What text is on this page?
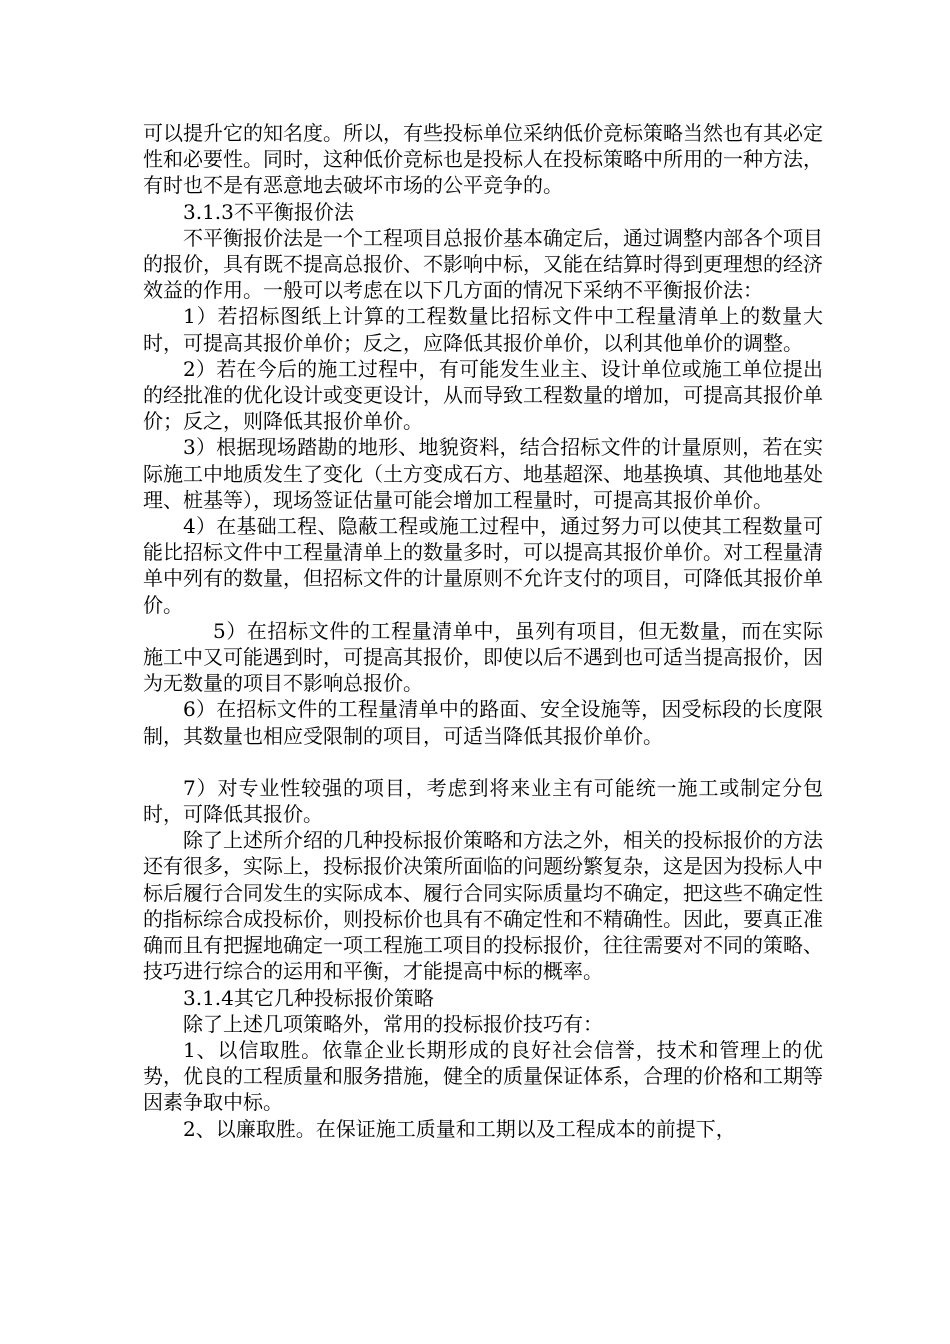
可以提升它的知名度。所以，有些投标单位采纳低价竞标策略当然也有其必定性和必要性。同时，这种低价竞标也是投标人在投标策略中所用的一种方法，有时也不是有恶意地去破坏市场的公平竞争的。

3.1.3不平衡报价法

不平衡报价法是一个工程项目总报价基本确定后，通过调整内部各个项目的报价，具有既不提高总报价、不影响中标，又能在结算时得到更理想的经济效益的作用。一般可以考虑在以下几方面的情况下采纳不平衡报价法：

1）若招标图纸上计算的工程数量比招标文件中工程量清单上的数量大时，可提高其报价单价；反之，应降低其报价单价，以利其他单价的调整。

2）若在今后的施工过程中，有可能发生业主、设计单位或施工单位提出的经批准的优化设计或变更设计，从而导致工程数量的增加，可提高其报价单价；反之，则降低其报价单价。

3）根据现场踏勘的地形、地貌资料，结合招标文件的计量原则，若在实际施工中地质发生了变化（土方变成石方、地基超深、地基换填、其他地基处理、桩基等），现场签证估量可能会增加工程量时，可提高其报价单价。

4）在基础工程、隐蔽工程或施工过程中，通过努力可以使其工程数量可能比招标文件中工程量清单上的数量多时，可以提高其报价单价。对工程量清单中列有的数量，但招标文件的计量原则不允许支付的项目，可降低其报价单价。

5）在招标文件的工程量清单中，虽列有项目，但无数量，而在实际施工中又可能遇到时，可提高其报价，即使以后不遇到也可适当提高报价，因为无数量的项目不影响总报价。

6）在招标文件的工程量清单中的路面、安全设施等，因受标段的长度限制，其数量也相应受限制的项目，可适当降低其报价单价。

7）对专业性较强的项目，考虑到将来业主有可能统一施工或制定分包时，可降低其报价。

除了上述所介绍的几种投标报价策略和方法之外，相关的投标报价的方法还有很多，实际上，投标报价决策所面临的问题纷繁复杂，这是因为投标人中标后履行合同发生的实际成本、履行合同实际质量均不确定，把这些不确定性的指标综合成投标价，则投标价也具有不确定性和不精确性。因此，要真正准确而且有把握地确定一项工程施工项目的投标报价，往往需要对不同的策略、技巧进行综合的运用和平衡，才能提高中标的概率。

3.1.4其它几种投标报价策略

除了上述几项策略外，常用的投标报价技巧有：

1、以信取胜。依靠企业长期形成的良好社会信誉，技术和管理上的优势，优良的工程质量和服务措施，健全的质量保证体系，合理的价格和工期等因素争取中标。

2、以廉取胜。在保证施工质量和工期以及工程成本的前提下，
